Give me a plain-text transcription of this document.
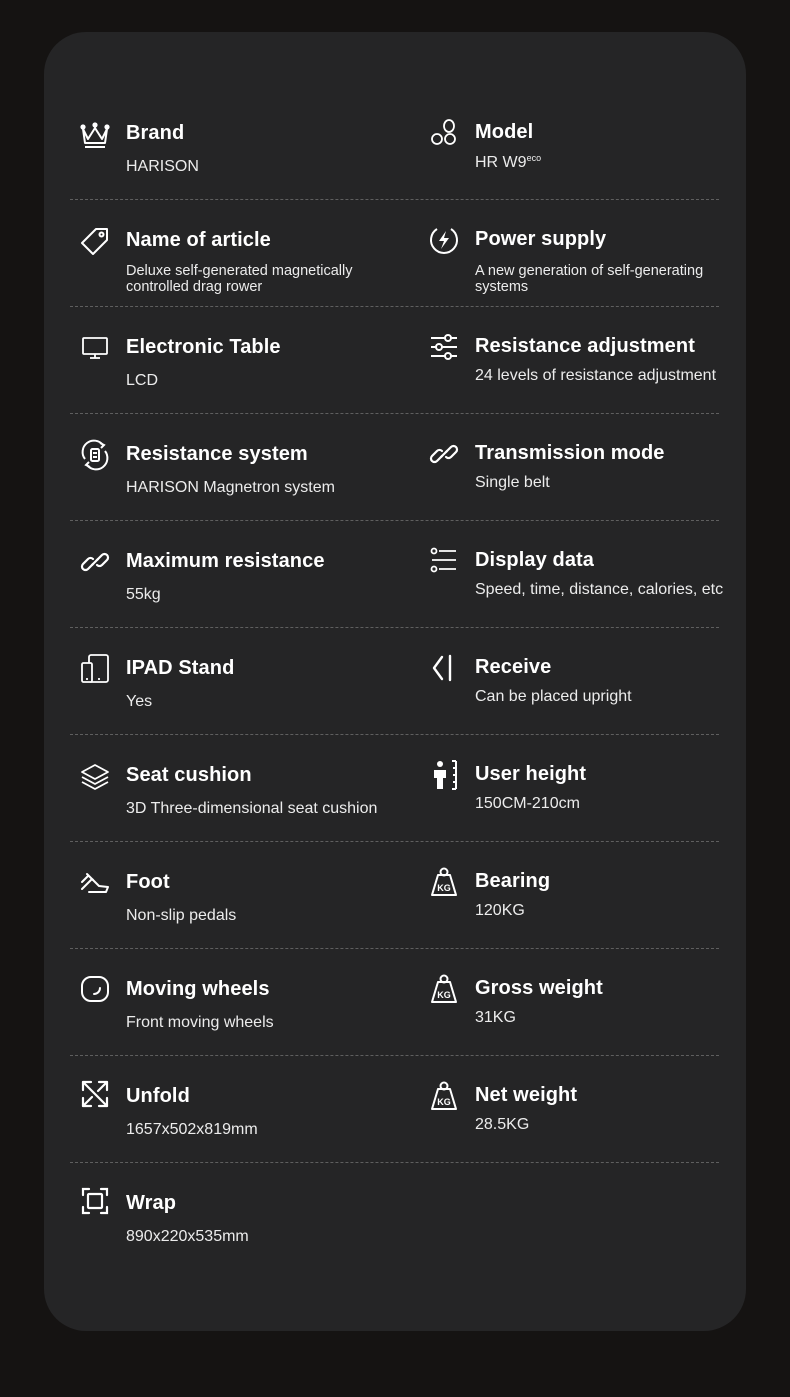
Brand
HARISON
Model
HR $W9^{eco}$
Name of article
Deluxe self-generated magnetically controlled drag rower
Power supply
A new generation of self-generating systems
Electronic Table
LCD
Resistance adjustment
24 levels of resistance adjustment
Resistance system
HARISON Magnetron system
Transmission mode
Single belt
Maximum resistance
55kg
Display data
Speed, time, distance, calories, etc
IPAD Stand
Yes
Receive
Can be placed upright
Seat cushion
3D Three-dimensional seat cushion
User height
150CM-210cm
Foot
Non-slip pedals
KG Bearing
120KG
Moving wheels
Front moving wheels
KG Gross weight
31KG
Unfold
1657x502x819mm
KG Net weight
28.5KG
Wrap
890x220x535mm
